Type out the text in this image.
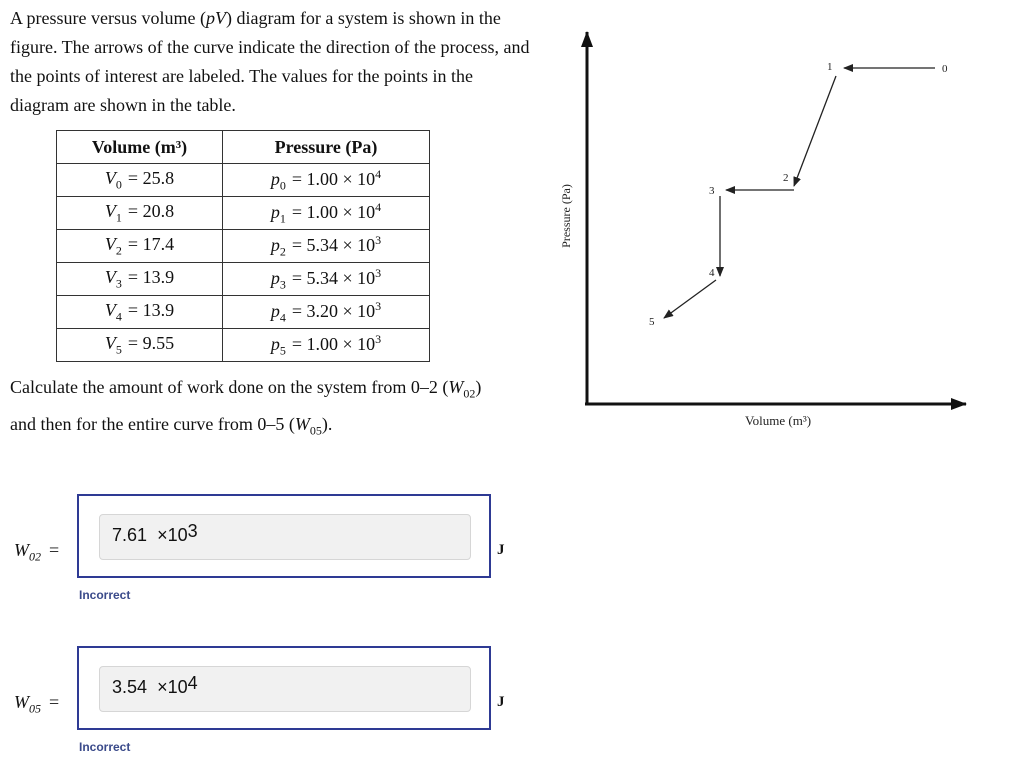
A pressure versus volume (pV) diagram for a system is shown in the figure. The arrows of the curve indicate the direction of the process, and the points of interest are labeled. The values for the points in the diagram are shown in the table.
Volume (m³)	Pressure (Pa)

$V_0 = 25.8$	$p_0 = 1.00 \times 10^4$

$V_1 = 20.8$	$p_1 = 1.00 \times 10^4$

$V_2 = 17.4$	$p_2 = 5.34 \times 10^3$

$V_3 = 13.9$	$p_3 = 5.34 \times 10^3$

$V_4 = 13.9$	$p_4 = 3.20 \times 10^3$

$V_5 = 9.55$	$p_5 = 1.00 \times 10^3$
Calculate the amount of work done on the system from 0–2 $(W_{02})$ and then for the entire curve from 0–5 $(W_{05})$.
$W_{02}$ =
$7.61 \times 10^3$
J
Incorrect
$W_{05}$ =
$3.54 \times 10^4$
J
Incorrect
Pressure (Pa)
Volume (m³)
0
1
2
3
4
5
